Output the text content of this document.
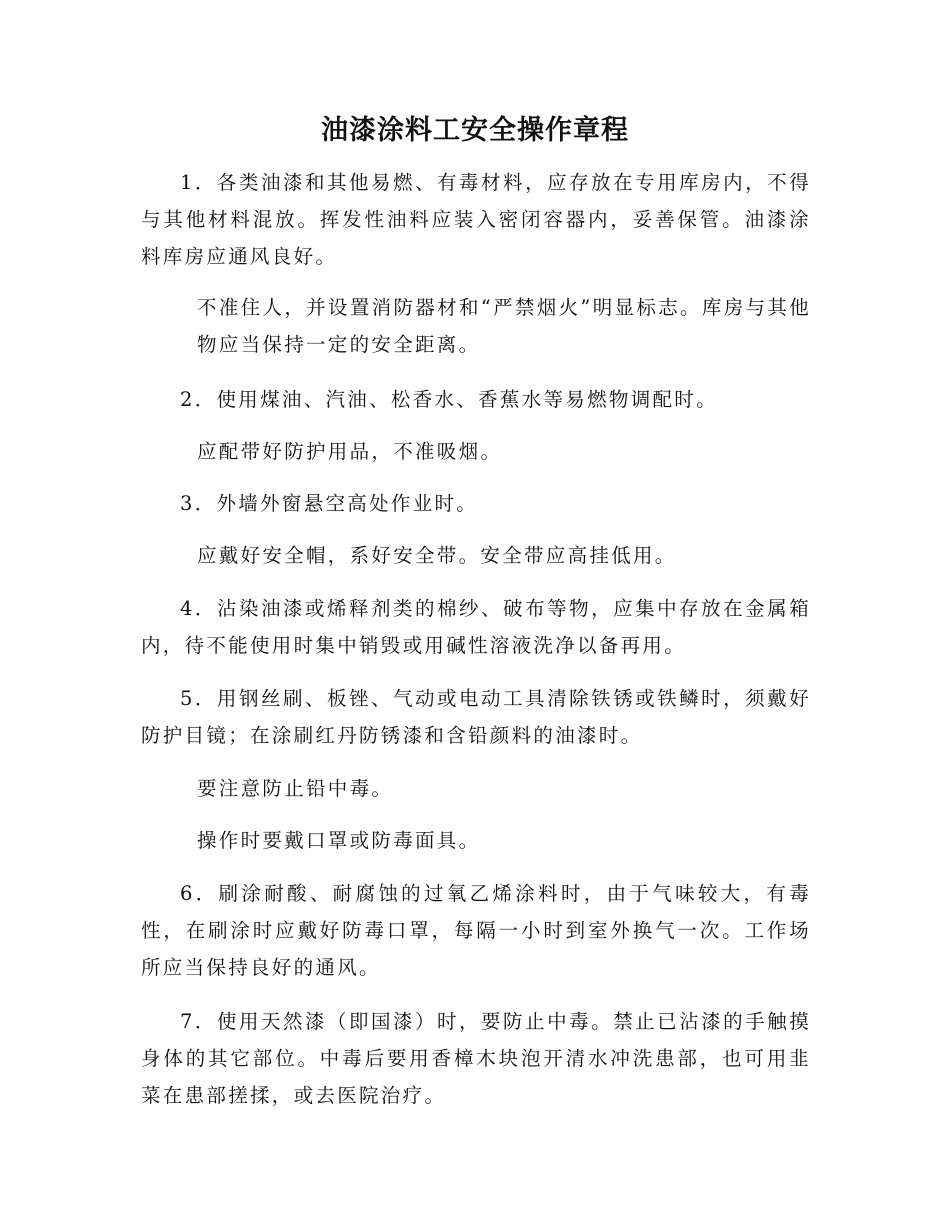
油漆涂料工安全操作章程

1．各类油漆和其他易燃、有毒材料，应存放在专用库房内，不得与其他材料混放。挥发性油料应装入密闭容器内，妥善保管。油漆涂料库房应通风良好。

不准住人，并设置消防器材和“严禁烟火”明显标志。库房与其他物应当保持一定的安全距离。

2．使用煤油、汽油、松香水、香蕉水等易燃物调配时。

应配带好防护用品，不准吸烟。

3．外墙外窗悬空高处作业时。

应戴好安全帽，系好安全带。安全带应高挂低用。

4．沾染油漆或烯释剂类的棉纱、破布等物，应集中存放在金属箱内，待不能使用时集中销毁或用碱性溶液洗净以备再用。

5．用钢丝刷、板锉、气动或电动工具清除铁锈或铁鳞时，须戴好防护目镜；在涂刷红丹防锈漆和含铅颜料的油漆时。

要注意防止铅中毒。

操作时要戴口罩或防毒面具。

6．刷涂耐酸、耐腐蚀的过氧乙烯涂料时，由于气味较大，有毒性，在刷涂时应戴好防毒口罩，每隔一小时到室外换气一次。工作场所应当保持良好的通风。

7．使用天然漆（即国漆）时，要防止中毒。禁止已沾漆的手触摸身体的其它部位。中毒后要用香樟木块泡开清水冲洗患部，也可用韭菜在患部搓揉，或去医院治疗。
